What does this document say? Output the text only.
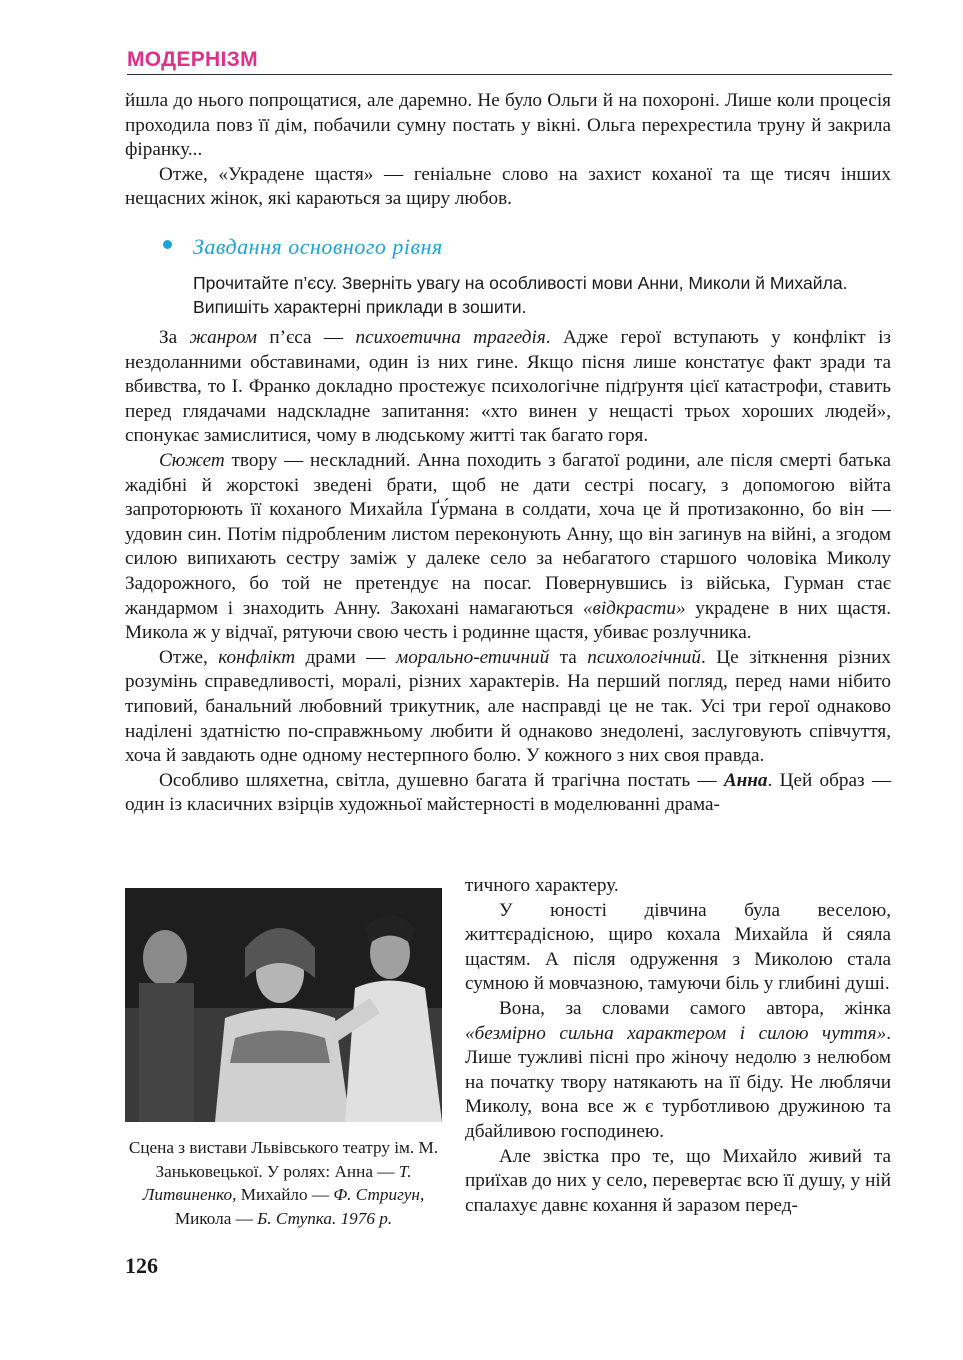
МОДЕРНІЗМ

йшла до нього попрощатися, але даремно. Не було Ольги й на похороні. Лише коли процесія проходила повз її дім, побачили сумну постать у вікні. Ольга перехрестила труну й закрила фіранку...

Отже, «Украдене щастя» — геніальне слово на захист коханої та ще тисяч інших нещасних жінок, які караються за щиру любов.

Завдання основного рівня

Прочитайте п’єсу. Зверніть увагу на особливості мови Анни, Миколи й Михайла. Випишіть характерні приклади в зошити.

За жанром п’єса — психоетична трагедія. Адже герої вступають у конфлікт із нездоланними обставинами, один із них гине. Якщо пісня лише констатує факт зради та вбивства, то І. Франко докладно простежує психологічне підґрунтя цієї катастрофи, ставить перед глядачами надскладне запитання: «хто винен у нещасті трьох хороших людей», спонукає замислитися, чому в людському житті так багато горя.

Сюжет твору — нескладний. Анна походить з багатої родини, але після смерті батька жадібні й жорстокі зведені брати, щоб не дати сестрі посагу, з допомогою війта запроторюють її коханого Михайла Ґу́рмана в солдати, хоча це й протизаконно, бо він — удовин син. Потім підробленим листом переконують Анну, що він загинув на війні, а згодом силою випихають сестру заміж у далеке село за небагатого старшого чоловіка Миколу Задорожного, бо той не претендує на посаг. Повернувшись із війська, Гурман стає жандармом і знаходить Анну. Закохані намагаються «відкрасти» украдене в них щастя. Микола ж у відчаї, рятуючи свою честь і родинне щастя, убиває розлучника.

Отже, конфлікт драми — морально-етичний та психологічний. Це зіткнення різних розумінь справедливості, моралі, різних характерів. На перший погляд, перед нами нібито типовий, банальний любовний трикутник, але насправді це не так. Усі три герої однаково наділені здатністю по-справжньому любити й однаково знедолені, заслуговують співчуття, хоча й завдають одне одному нестерпного болю. У кожного з них своя правда.

Особливо шляхетна, світла, душевно багата й трагічна постать — Анна. Цей образ — один із класичних взірців художньої майстерності в моделюванні драма-

Сцена з вистави Львівського театру ім. М. Заньковецької. У ролях: Анна — Т. Литвиненко, Михайло — Ф. Стригун, Микола — Б. Ступка. 1976 р.

тичного характеру.

У юності дівчина була веселою, життєрадісною, щиро кохала Михайла й сяяла щастям. А після одруження з Миколою стала сумною й мовчазною, тамуючи біль у глибині душі.

Вона, за словами самого автора, жінка «безмірно сильна характером і силою чуття». Лише тужливі пісні про жіночу недолю з нелюбом на початку твору натякають на її біду. Не люблячи Миколу, вона все ж є турботливою дружиною та дбайливою господинею.

Але звістка про те, що Михайло живий та приїхав до них у село, перевертає всю її душу, у ній спалахує давнє кохання й заразом перед-

126
